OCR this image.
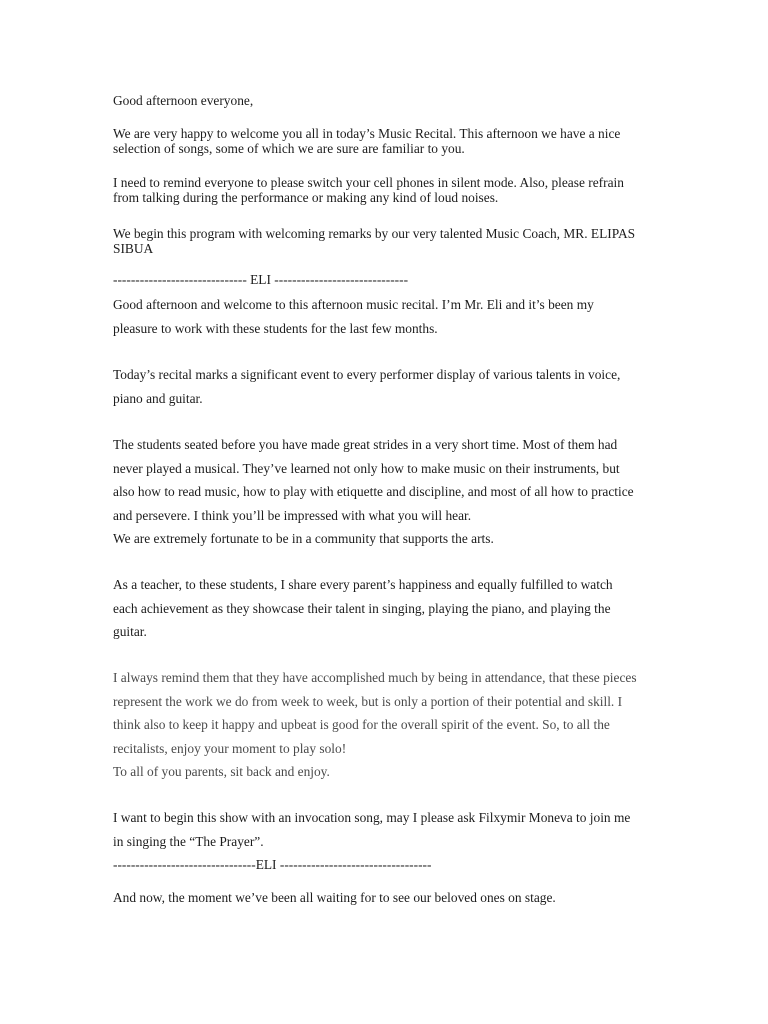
Good afternoon everyone,

We are very happy to welcome you all in today’s Music Recital. This afternoon we have a nice
selection of songs, some of which we are sure are familiar to you.

I need to remind everyone to please switch your cell phones in silent mode. Also, please refrain
from talking during the performance or making any kind of loud noises.

We begin this program with welcoming remarks by our very talented Music Coach, MR. ELIPAS
SIBUA

------------------------------ ELI ------------------------------

Good afternoon and welcome to this afternoon music recital. I’m Mr. Eli and it’s been my
pleasure to work with these students for the last few months.

Today’s recital marks a significant event to every performer display of various talents in voice,
piano and guitar.

The students seated before you have made great strides in a very short time. Most of them had
never played a musical. They’ve learned not only how to make music on their instruments, but
also how to read music, how to play with etiquette and discipline, and most of all how to practice
and persevere. I think you’ll be impressed with what you will hear.
We are extremely fortunate to be in a community that supports the arts.

As a teacher, to these students, I share every parent’s happiness and equally fulfilled to watch
each achievement as they showcase their talent in singing, playing the piano, and playing the
guitar.

I always remind them that they have accomplished much by being in attendance, that these pieces
represent the work we do from week to week, but is only a portion of their potential and skill. I
think also to keep it happy and upbeat is good for the overall spirit of the event. So, to all the
recitalists, enjoy your moment to play solo!
To all of you parents, sit back and enjoy.

I want to begin this show with an invocation song, may I please ask Filxymir Moneva to join me
in singing the “The Prayer”.

--------------------------------ELI ----------------------------------

And now, the moment we’ve been all waiting for to see our beloved ones on stage.
